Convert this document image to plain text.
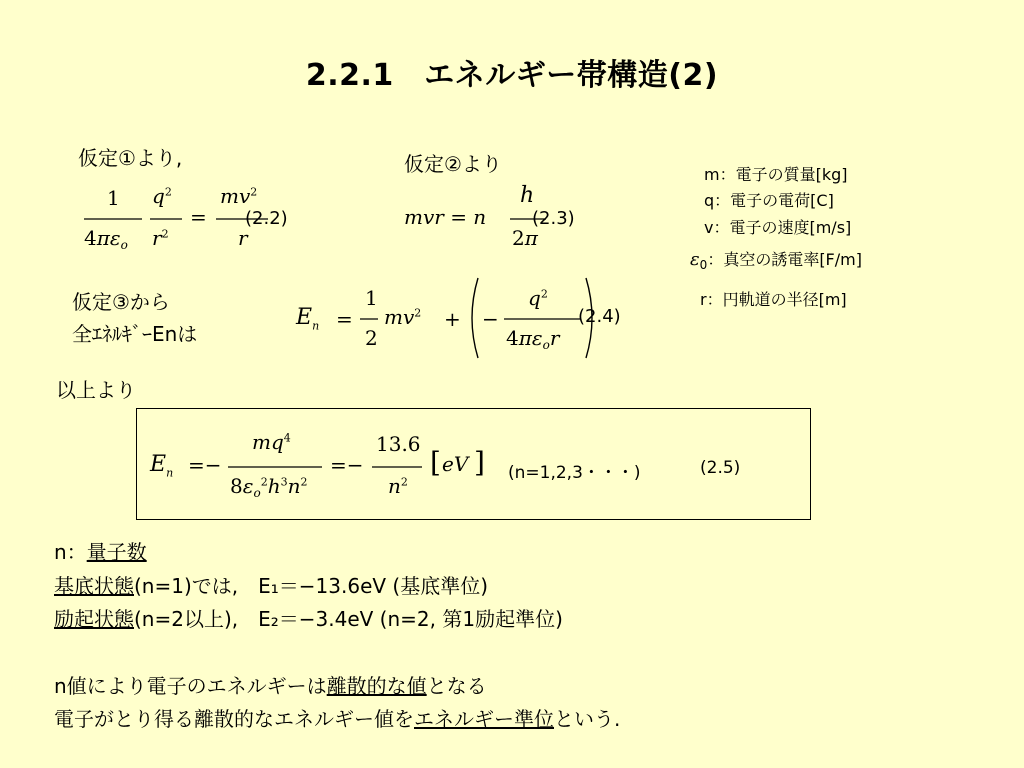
2.2.1　エネルギー帯構造(2)
仮定①より,
1
$4\pi\varepsilon_o$
$q^2$
$r^2$
=
$mv^2$
r
(2.2)
仮定②より
mvr = n
h
2π
(2.3)
m：電子の質量[kg]
q：電子の電荷[C]
v：電子の速度[m/s]
$\varepsilon_0$：真空の誘電率[F/m]
r：円軌道の半径[m]
仮定③から
全ｴﾈﾙｷﾞｰEnは
$E_n$ =
1
2
$mv^2$ + −
$q^2$
$4\pi\varepsilon_or$
(2.4)
以上より
$E_n$ =−
$mq^4$
$8\varepsilon_o^2h^3n^2$
=−
13.6
$n^2$
[ eV ] (n=1,2,3・・・)	(2.5)
n：量子数
基底状態(n=1)では,　E₁＝−13.6eV (基底準位)
励起状態(n=2以上),　E₂＝−3.4eV (n=2, 第1励起準位)
n値により電子のエネルギーは離散的な値となる
電子がとり得る離散的なエネルギー値をエネルギー準位という.
